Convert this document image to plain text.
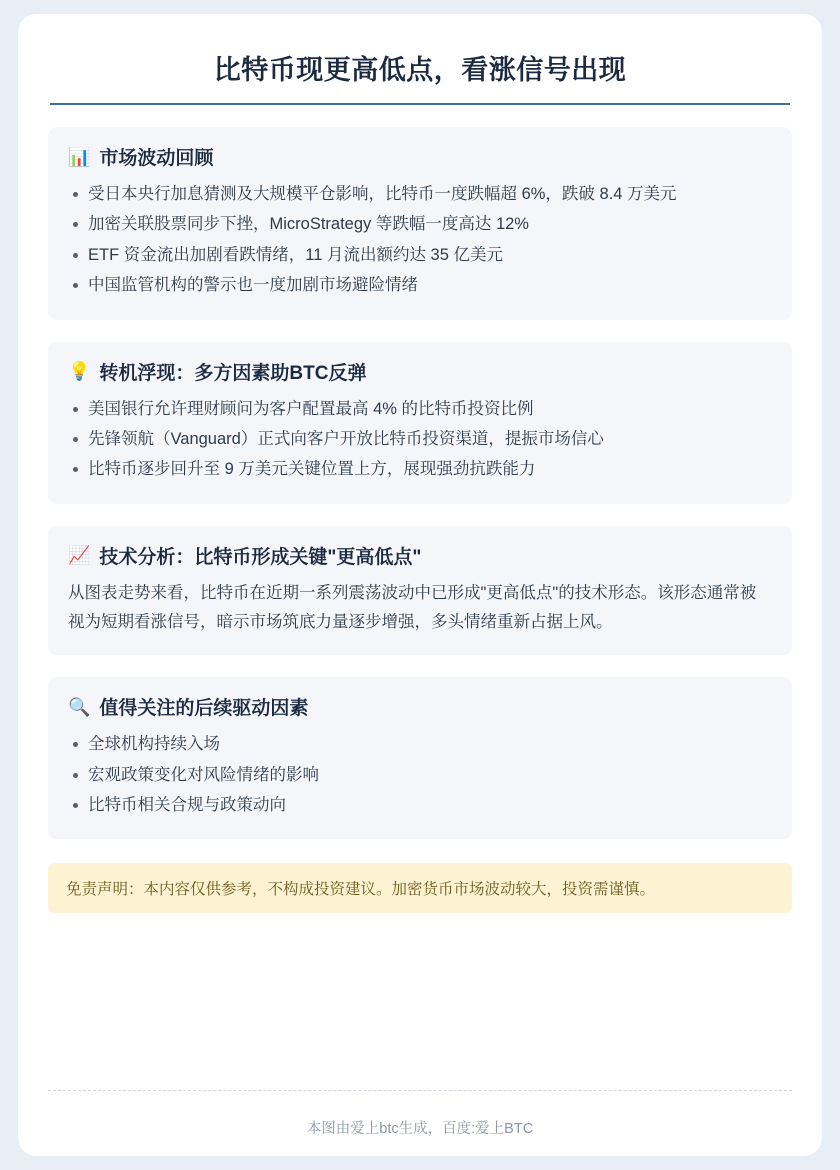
比特币现更高低点，看涨信号出现
📊 市场波动回顾
受日本央行加息猜测及大规模平仓影响，比特币一度跌幅超 6%，跌破 8.4 万美元
加密关联股票同步下挫，MicroStrategy 等跌幅一度高达 12%
ETF 资金流出加剧看跌情绪，11 月流出额约达 35 亿美元
中国监管机构的警示也一度加剧市场避险情绪
💡 转机浮现：多方因素助BTC反弹
美国银行允许理财顾问为客户配置最高 4% 的比特币投资比例
先锋领航（Vanguard）正式向客户开放比特币投资渠道，提振市场信心
比特币逐步回升至 9 万美元关键位置上方，展现强劲抗跌能力
📈 技术分析：比特币形成关键"更高低点"

从图表走势来看，比特币在近期一系列震荡波动中已形成"更高低点"的技术形态。该形态通常被视为短期看涨信号，暗示市场筑底力量逐步增强，多头情绪重新占据上风。

🔍 值得关注的后续驱动因素
全球机构持续入场
宏观政策变化对风险情绪的影响
比特币相关合规与政策动向
免责声明：本内容仅供参考，不构成投资建议。加密货币市场波动较大，投资需谨慎。
本图由爱上btc生成，百度:爱上BTC
